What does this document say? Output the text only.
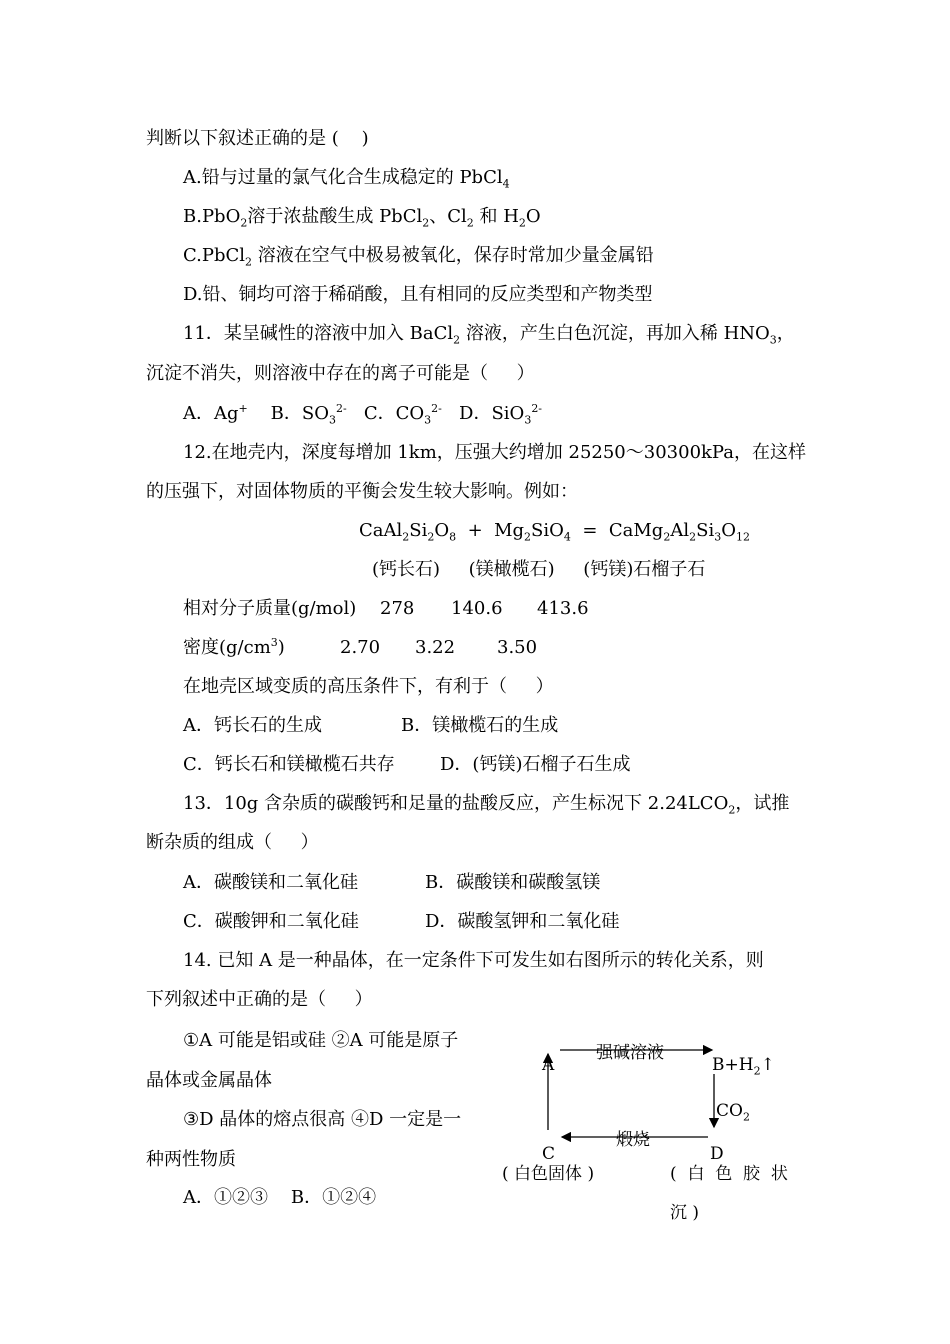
判断以下叙述正确的是 (    )
A.铅与过量的氯气化合生成稳定的 PbCl$_4$
B.PbO$_2$溶于浓盐酸生成 PbCl$_2$、$Cl_2$ 和 $H_2O$
C.PbCl$_2$ 溶液在空气中极易被氧化，保存时常加少量金属铅
D.铅、铜均可溶于稀硝酸，且有相同的反应类型和产物类型
11．某呈碱性的溶液中加入 BaCl$_2$ 溶液，产生白色沉淀，再加入稀 $HNO_3$，
沉淀不消失，则溶液中存在的离子可能是（     ）
A．Ag+    B．$SO_3^{2-}$   C．$CO_3^{2-}$   D．SiO$_3^{2-}$
12.在地壳内，深度每增加 1km，压强大约增加 25250～30300kPa，在这样
的压强下，对固体物质的平衡会发生较大影响。例如：
$CaAl_2Si_2O_8 + Mg_2SiO_4$  =  $CaMg_2Al_2Si_3O_{12}$
(钙长石)     (镁橄榄石)     (钙镁)石榴子石
相对分子质量(g/mol) 278 140.6 413.6
密度$(g/cm^3)$	2.70 3.22 3.50
在地壳区域变质的高压条件下，有利于（     ）
A．钙长石的生成	B．镁橄榄石的生成
C．钙长石和镁橄榄石共存	D．(钙镁)石榴子石生成
13．10g 含杂质的碳酸钙和足量的盐酸反应，产生标况下 $2.24LCO_2$，试推
断杂质的组成（     ）
A．碳酸镁和二氧化硅	B．碳酸镁和碳酸氢镁
C．碳酸钾和二氧化硅	D．碳酸氢钾和二氧化硅
14. 已知 A 是一种晶体，在一定条件下可发生如右图所示的转化关系，则
下列叙述中正确的是（     ）
①A 可能是铝或硅 ②A 可能是原子
晶体或金属晶体
③D 晶体的熔点很高 ④D 一定是一
种两性物质
A．①②③    B．①②④
A	$B+H_2↑$
$CO_2$
强碱溶液
煅烧
C	D
( 白色固体 )	(  白  色  胶  状
沉 )
